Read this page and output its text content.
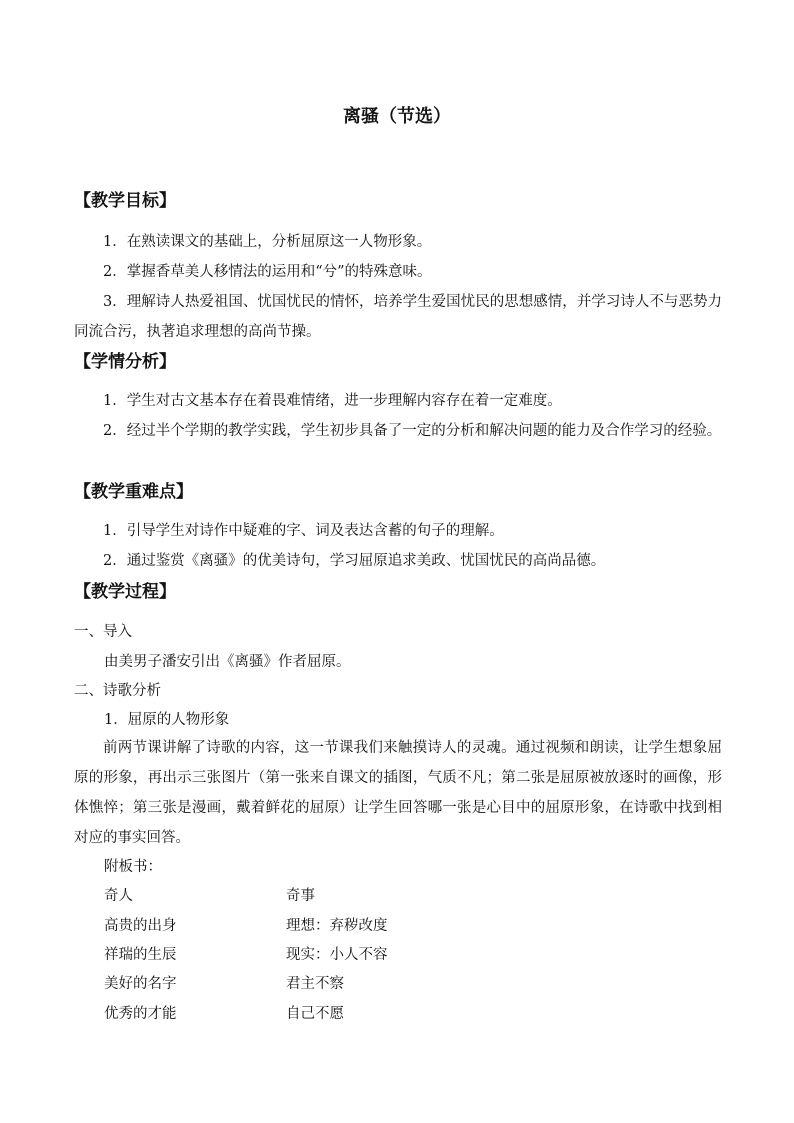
离骚（节选）
【教学目标】
1．在熟读课文的基础上，分析屈原这一人物形象。
2．掌握香草美人移情法的运用和“兮”的特殊意味。
3．理解诗人热爱祖国、忧国忧民的情怀，培养学生爱国忧民的思想感情，并学习诗人不与恶势力同流合污，执著追求理想的高尚节操。
【学情分析】
1．学生对古文基本存在着畏难情绪，进一步理解内容存在着一定难度。
2．经过半个学期的教学实践，学生初步具备了一定的分析和解决问题的能力及合作学习的经验。
【教学重难点】
1．引导学生对诗作中疑难的字、词及表达含蓄的句子的理解。
2．通过鉴赏《离骚》的优美诗句，学习屈原追求美政、忧国忧民的高尚品德。
【教学过程】
一、导入
由美男子潘安引出《离骚》作者屈原。
二、诗歌分析
1．屈原的人物形象
前两节课讲解了诗歌的内容，这一节课我们来触摸诗人的灵魂。通过视频和朗读，让学生想象屈原的形象，再出示三张图片（第一张来自课文的插图，气质不凡；第二张是屈原被放逐时的画像，形体憔悴；第三张是漫画，戴着鲜花的屈原）让学生回答哪一张是心目中的屈原形象，在诗歌中找到相对应的事实回答。
附板书：
奇人	奇事
高贵的出身	理想：弃秽改度
祥瑞的生辰	现实：小人不容
美好的名字	君主不察
优秀的才能	自己不愿
